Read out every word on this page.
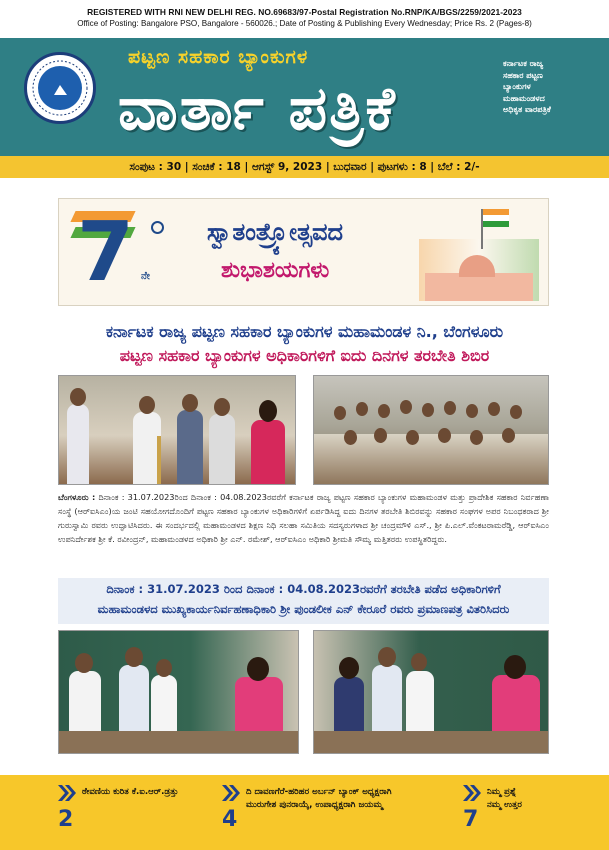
REGISTERED WITH RNI NEW DELHI REG. NO.69683/97-Postal Registration No.RNP/KA/BGS/2259/2021-2023
Office of Posting: Bangalore PSO, Bangalore - 560026.; Date of Posting & Publishing Every Wednesday; Price Rs. 2 (Pages-8)
ಪಟ್ಟಣ ಸಹಕಾರ ಬ್ಯಾಂಕುಗಳ
ವಾರ್ತಾ ಪತ್ರಿಕೆ
ಕರ್ನಾಟಕ ರಾಜ್ಯ
ಸಹಕಾರ ಪಟ್ಟಣ
ಬ್ಯಾಂಕುಗಳ
ಮಹಾಮಂಡಳದ
ಅಧಿಕೃತ ವಾರಪತ್ರಿಕೆ
ಸಂಪುಟ : 30 | ಸಂಚಿಕೆ : 18 | ಆಗಸ್ಟ್ 9, 2023 | ಬುಧವಾರ | ಪುಟಗಳು : 8 | ಬೆಲೆ : 2/-
7 ನೇ
ಸ್ವಾತಂತ್ರ್ಯೋತ್ಸವದ
ಶುಭಾಶಯಗಳು
ಕರ್ನಾಟಕ ರಾಜ್ಯ ಪಟ್ಟಣ ಸಹಕಾರ ಬ್ಯಾಂಕುಗಳ ಮಹಾಮಂಡಳ ನಿ., ಬೆಂಗಳೂರು
ಪಟ್ಟಣ ಸಹಕಾರ ಬ್ಯಾಂಕುಗಳ ಅಧಿಕಾರಿಗಳಿಗೆ ಐದು ದಿನಗಳ ತರಬೇತಿ ಶಿಬಿರ
ಬೆಂಗಳೂರು : ದಿನಾಂಕ : 31.07.2023ರಿಂದ ದಿನಾಂಕ : 04.08.2023ರವರೆಗೆ ಕರ್ನಾಟಕ ರಾಜ್ಯ ಪಟ್ಟಣ ಸಹಕಾರ ಬ್ಯಾಂಕುಗಳ ಮಹಾಮಂಡಳ ಮತ್ತು ಪ್ರಾದೇಶಿಕ ಸಹಕಾರ ನಿರ್ವಹಣಾ ಸಂಸ್ಥೆ (ಆರ್‌ಐಸಿಎಂ)ಯ ಜಂಟಿ ಸಹಯೋಗದೊಂದಿಗೆ ಪಟ್ಟಣ ಸಹಕಾರ ಬ್ಯಾಂಕುಗಳ ಅಧಿಕಾರಿಗಳಿಗೆ ಏರ್ಪಡಿಸಿದ್ದ ಐದು ದಿನಗಳ ತರಬೇತಿ ಶಿಬಿರವನ್ನು ಸಹಕಾರ ಸಂಘಗಳ ಅಪರ ನಿಬಂಧಕರಾದ ಶ್ರೀ ಗುರುಸ್ವಾಮಿ ರವರು ಉದ್ಘಾಟಿಸಿದರು. ಈ ಸಂದರ್ಭದಲ್ಲಿ ಮಹಾಮಂಡಳದ ಶಿಕ್ಷಣ ನಿಧಿ ಸಲಹಾ ಸಮಿತಿಯ ಸದಸ್ಯರುಗಳಾದ ಶ್ರೀ ಚಂದ್ರಮೌಳಿ ಎಸ್., ಶ್ರೀ ಪಿ.ಎಲ್.ವೆಂಕಟರಾಮರೆಡ್ಡಿ, ಆರ್‌ಐಸಿಎಂ ಉಪನಿರ್ದೇಶಕ ಶ್ರೀ ಕೆ. ರವೀಂದ್ರನ್, ಮಹಾಮಂಡಳದ ಅಧಿಕಾರಿ ಶ್ರೀ ಎನ್. ರಮೇಶ್, ಆರ್‌ಐಸಿಎಂ ಅಧಿಕಾರಿ ಶ್ರೀಮತಿ ಸೌಮ್ಯ ಮತ್ತಿತರರು ಉಪಸ್ಥಿತರಿದ್ದರು.
ದಿನಾಂಕ : 31.07.2023 ರಿಂದ ದಿನಾಂಕ : 04.08.2023ರವರೆಗೆ ತರಬೇತಿ ಪಡೆದ ಅಧಿಕಾರಿಗಳಿಗೆ
ಮಹಾಮಂಡಳದ ಮುಖ್ಯಕಾರ್ಯನಿರ್ವಹಣಾಧಿಕಾರಿ ಶ್ರೀ ಪುಂಡಲೀಕ ಎನ್ ಕೇರೂರೆ ರವರು ಪ್ರಮಾಣಪತ್ರ ವಿತರಿಸಿದರು
ಠೇವಣಿಯ ಕುರಿತ ಕೆ.ಐ.ಆರ್.ಡ್ರತ್ತು
2
ದಿ ದಾವಣಗೆರೆ-ಹರಿಹರ ಅರ್ಬನ್ ಬ್ಯಾಂಕ್ ಅಧ್ಯಕ್ಷರಾಗಿ
ಮುರುಗೇಶ ಪುನರಾಯ್ಕೆ, ಉಪಾಧ್ಯಕ್ಷರಾಗಿ ಜಯಮ್ಮ
4
ನಿಮ್ಮ ಪ್ರಶ್ನೆ
ನಮ್ಮ ಉತ್ತರ
7
